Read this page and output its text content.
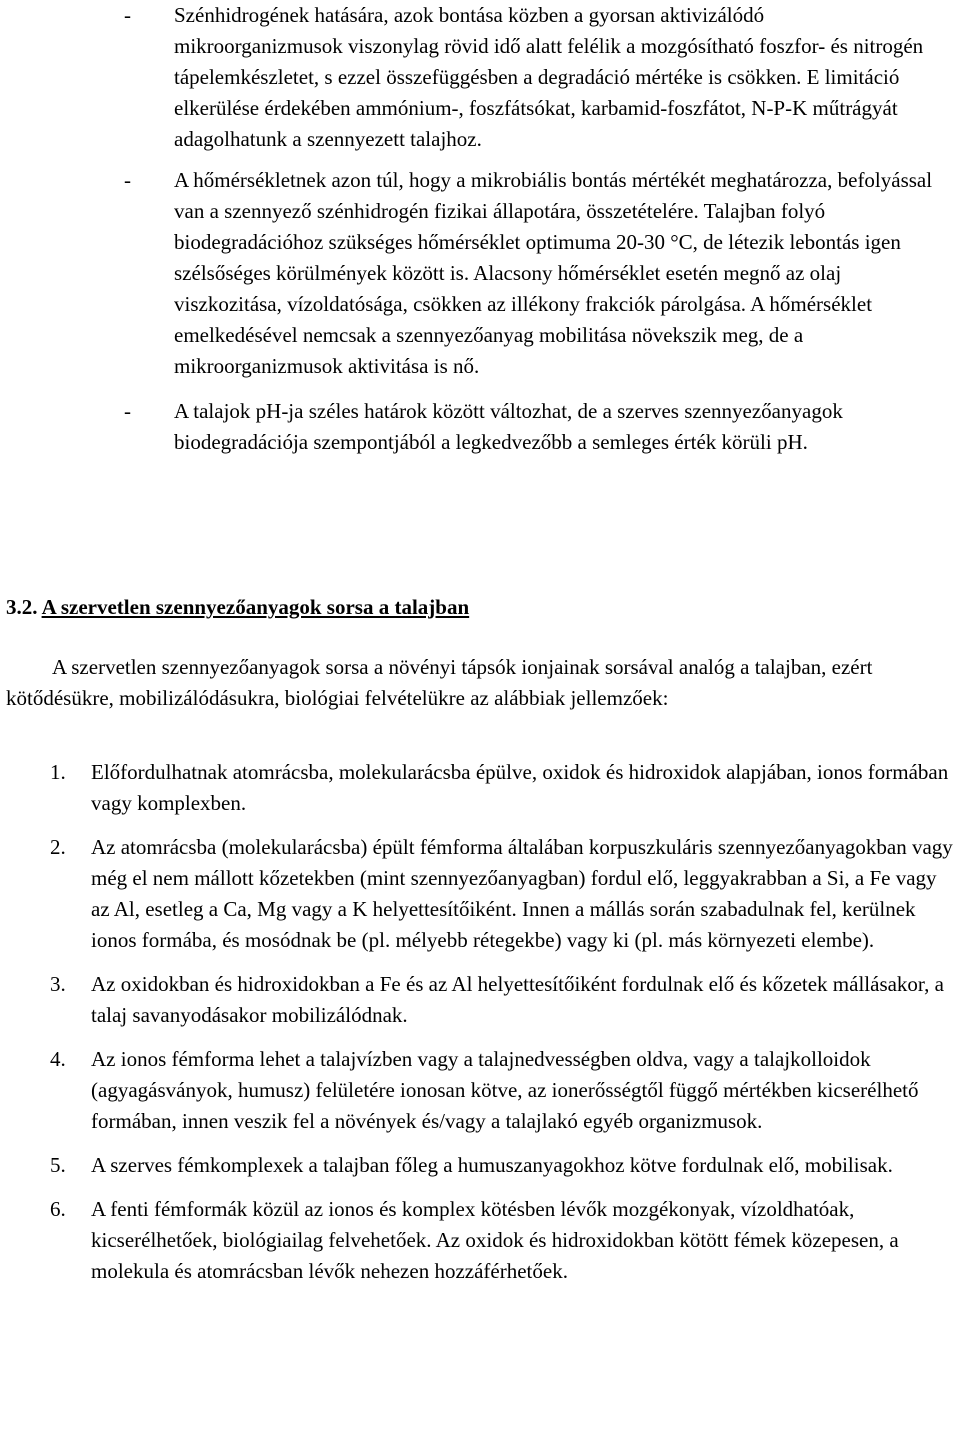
- Szénhidrogének hatására, azok bontása közben a gyorsan aktivizálódó mikroorganizmusok viszonylag rövid idő alatt felélik a mozgósítható foszfor- és nitrogén tápelemkészletet, s ezzel összefüggésben a degradáció mértéke is csökken. E limitáció elkerülése érdekében ammónium-, foszfátsókat, karbamid-foszfátot, N-P-K műtrágyát adagolhatunk a szennyezett talajhoz.

- A hőmérsékletnek azon túl, hogy a mikrobiális bontás mértékét meghatározza, befolyással van a szennyező szénhidrogén fizikai állapotára, összetételére. Talajban folyó biodegradációhoz szükséges hőmérséklet optimuma 20-30 °C, de létezik lebontás igen szélsőséges körülmények között is. Alacsony hőmérséklet esetén megnő az olaj viszkozitása, vízoldatósága, csökken az illékony frakciók párolgása. A hőmérséklet emelkedésével nemcsak a szennyezőanyag mobilitása növekszik meg, de a mikroorganizmusok aktivitása is nő.

- A talajok pH-ja széles határok között változhat, de a szerves szennyezőanyagok biodegradációja szempontjából a legkedvezőbb a semleges érték körüli pH.

3.2. A szervetlen szennyezőanyagok sorsa a talajban

A szervetlen szennyezőanyagok sorsa a növényi tápsók ionjainak sorsával analóg a talajban, ezért kötődésükre, mobilizálódásukra, biológiai felvételükre az alábbiak jellemzőek:

1. Előfordulhatnak atomrácsba, molekularácsba épülve, oxidok és hidroxidok alapjában, ionos formában vagy komplexben.

2. Az atomrácsba (molekularácsba) épült fémforma általában korpuszkuláris szennyezőanyagokban vagy még el nem mállott kőzetekben (mint szennyezőanyagban) fordul elő, leggyakrabban a Si, a Fe vagy az Al, esetleg a Ca, Mg vagy a K helyettesítőiként. Innen a mállás során szabadulnak fel, kerülnek ionos formába, és mosódnak be (pl. mélyebb rétegekbe) vagy ki (pl. más környezeti elembe).

3. Az oxidokban és hidroxidokban a Fe és az Al helyettesítőiként fordulnak elő és kőzetek mállásakor, a talaj savanyodásakor mobilizálódnak.

4. Az ionos fémforma lehet a talajvízben vagy a talajnedvességben oldva, vagy a talajkolloidok (agyagásványok, humusz) felületére ionosan kötve, az ionerősségtől függő mértékben kicserélhető formában, innen veszik fel a növények és/vagy a talajlakó egyéb organizmusok.

5. A szerves fémkomplexek a talajban főleg a humuszanyagokhoz kötve fordulnak elő, mobilisak.

6. A fenti fémformák közül az ionos és komplex kötésben lévők mozgékonyak, vízoldhatóak, kicserélhetőek, biológiailag felvehetőek. Az oxidok és hidroxidokban kötött fémek közepesen, a molekula és atomrácsban lévők nehezen hozzáférhetőek.
